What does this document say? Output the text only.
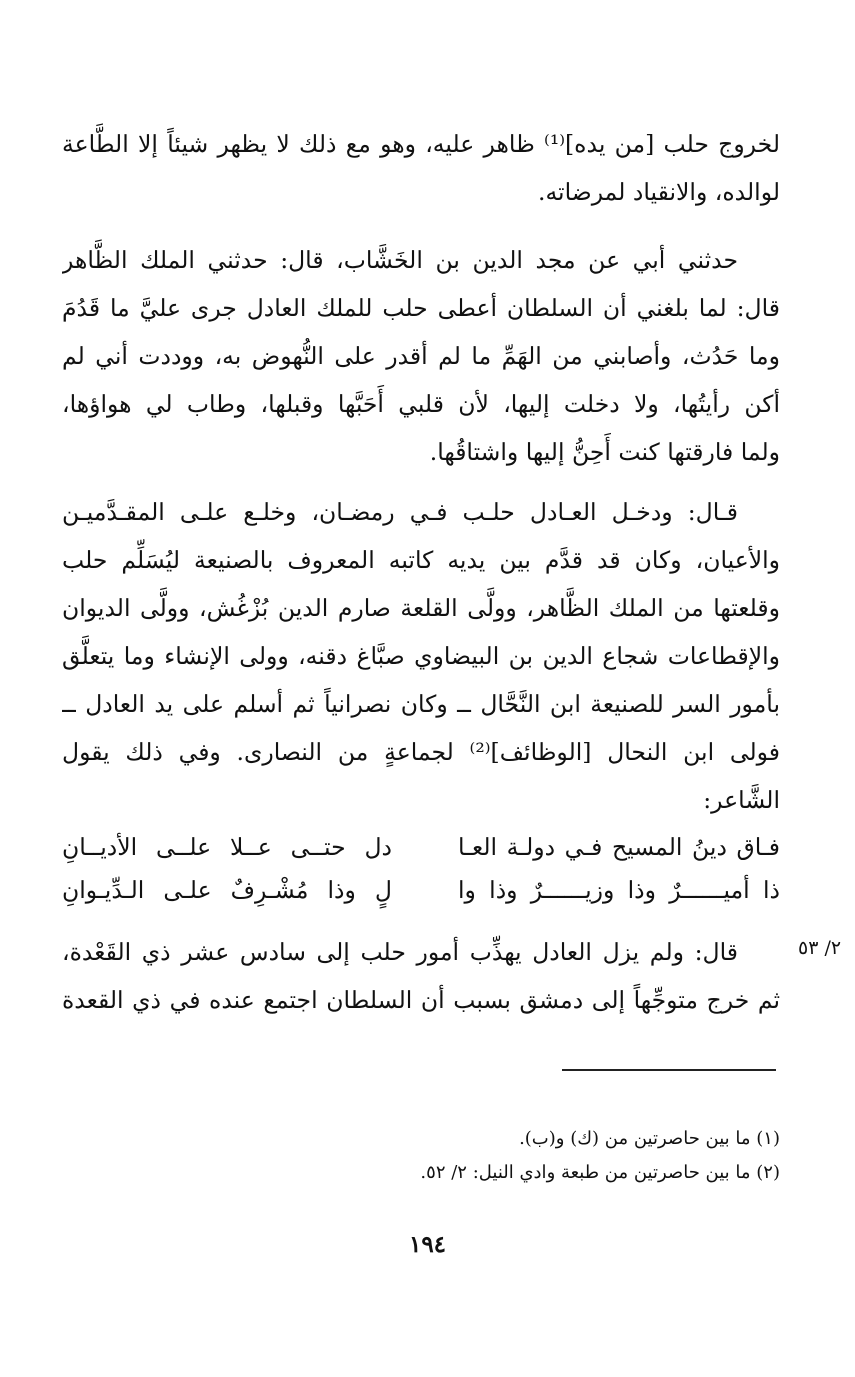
لخروج حلب [من يده]⁽¹⁾ ظاهر عليه، وهو مع ذلك لا يظهر شيئاً إلا الطَّاعة
لوالده، والانقياد لمرضاته.
حدثني أبي عن مجد الدين بن الخَشَّاب، قال: حدثني الملك الظَّاهر
قال: لما بلغني أن السلطان أعطى حلب للملك العادل جرى عليَّ ما قَدُمَ
وما حَدُث، وأصابني من الهَمِّ ما لم أقدر على النُّهوض به، ووددت أني لم
أكن رأيتُها، ولا دخلت إليها، لأن قلبي أَحَبَّها وقبلها، وطاب لي هواؤها،
ولما فارقتها كنت أَحِنُّ إليها واشتاقُها.
قـال: ودخـل العـادل حلـب فـي رمضـان، وخلـع علـى المقـدَّميـن
والأعيان، وكان قد قدَّم بين يديه كاتبه المعروف بالصنيعة ليُسَلِّم حلب
وقلعتها من الملك الظَّاهر، وولَّى القلعة صارم الدين بُزْغُش، وولَّى الديوان
والإقطاعات شجاع الدين بن البيضاوي صبَّاغ دقنه، وولى الإنشاء وما يتعلَّق
بأمور السر للصنيعة ابن النَّحَّال ــ وكان نصرانياً ثم أسلم على يد العادل ــ
فولى ابن النحال [الوظائف]⁽²⁾ لجماعةٍ من النصارى. وفي ذلك يقول
الشَّاعر:
فـاق دينُ المسيح فـي دولـة العـا
دل حتــى عــلا علــى الأديــانِ
ذا أميــــــرٌ وذا وزيــــــرٌ وذا وا
لٍ وذا مُشْـرِفٌ علـى الـدِّيـوانِ
قال: ولم يزل العادل يهذِّب أمور حلب إلى سادس عشر ذي القَعْدة،
ثم خرج متوجِّهاً إلى دمشق بسبب أن السلطان اجتمع عنده في ذي القعدة
٢/ ٥٣
(١) ما بين حاصرتين من (ك) و(ب).
(٢) ما بين حاصرتين من طبعة وادي النيل: ٢/ ٥٢.
١٩٤
